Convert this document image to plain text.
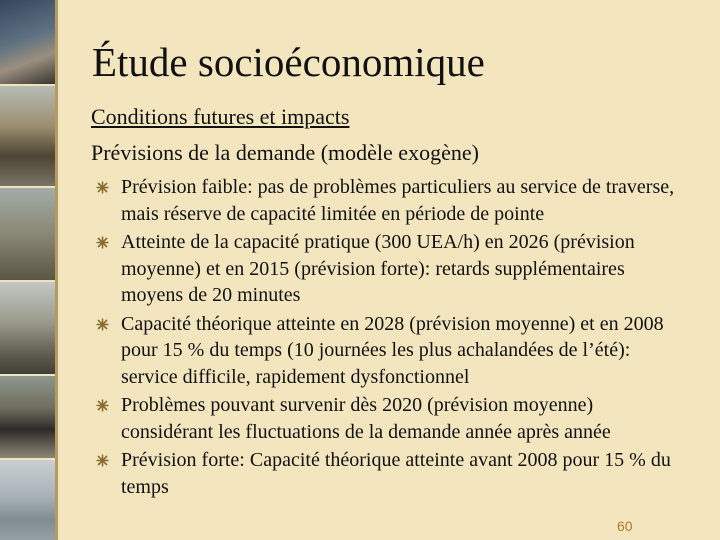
Étude socioéconomique
Conditions futures et impacts
Prévisions de la demande (modèle exogène)
Prévision faible: pas de problèmes particuliers au service de traverse, mais réserve de capacité limitée en période de pointe
Atteinte de la capacité pratique (300 UEA/h) en 2026 (prévision moyenne) et en 2015 (prévision forte): retards supplémentaires moyens de 20 minutes
Capacité théorique atteinte en 2028 (prévision moyenne) et en 2008 pour 15 % du temps (10 journées les plus achalandées de l’été): service difficile, rapidement dysfonctionnel
Problèmes pouvant survenir dès 2020 (prévision moyenne) considérant les fluctuations de la demande année après année
Prévision forte: Capacité théorique atteinte avant 2008 pour 15 % du temps
60
